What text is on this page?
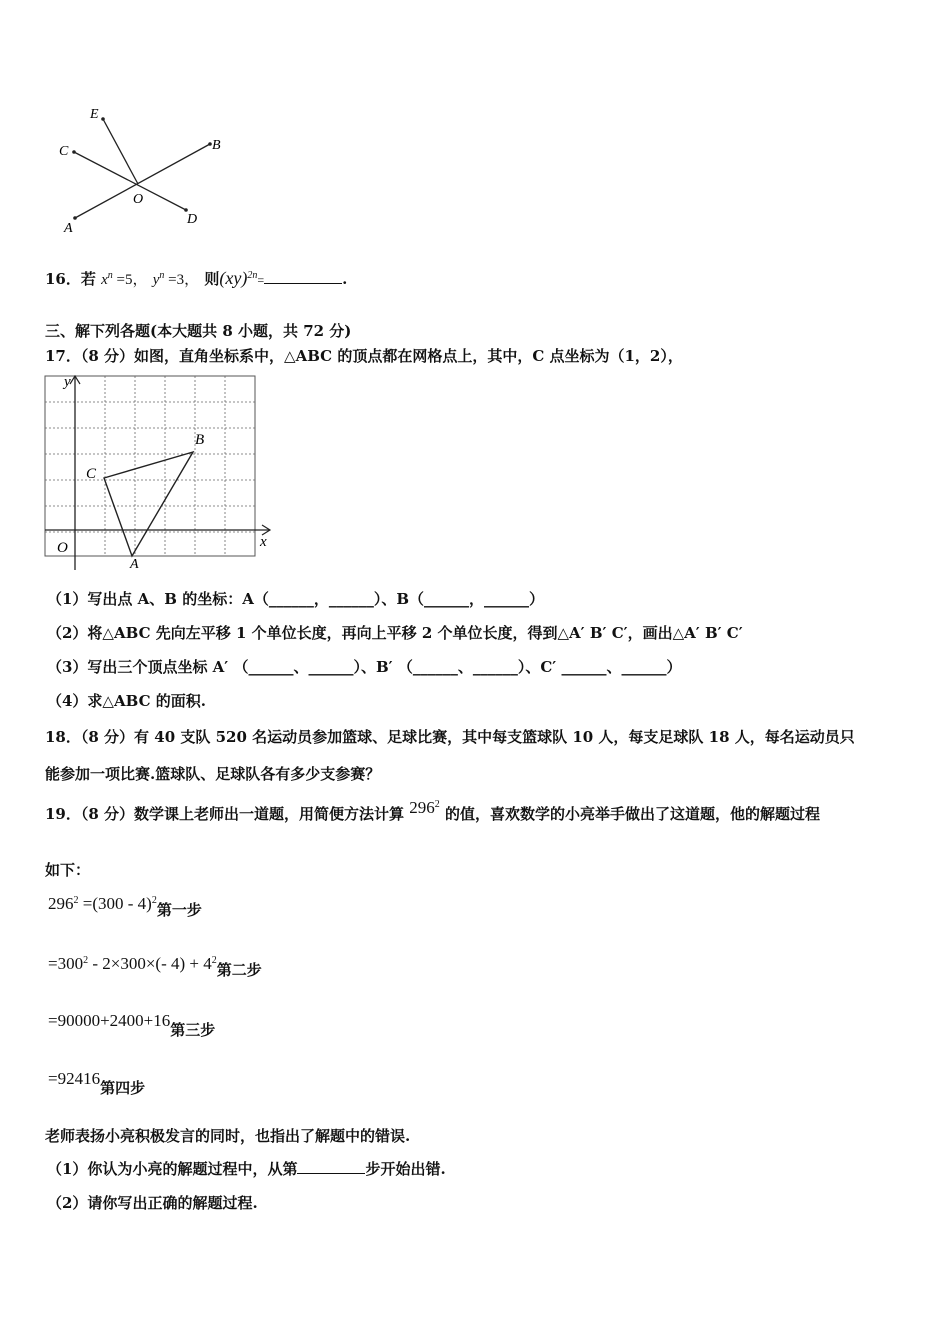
E
B
C
O
D
A
16．若 $x^n =5$， $y^n =3$， 则(xy)$^{2n}$=	.
三、解下列各题(本大题共 8 小题，共 72 分)
17．（8 分）如图，直角坐标系中，△ABC 的顶点都在网格点上，其中，C 点坐标为（1，2），
y
x
O
A
B
C
（1）写出点 A、B 的坐标：A（______，______）、B（______，______）
（2）将△ABC 先向左平移 1 个单位长度，再向上平移 2 个单位长度，得到△A′ B′ C′，画出△A′ B′ C′
（3）写出三个顶点坐标 A′ （______、______）、B′ （______、______）、C′ ______、______）
（4）求△ABC 的面积.
18．（8 分）有 40 支队 520 名运动员参加篮球、足球比赛，其中每支篮球队 10 人，每支足球队 18 人，每名运动员只
能参加一项比赛.篮球队、足球队各有多少支参赛？
19．（8 分）数学课上老师出一道题，用简便方法计算 $296^2$ 的值，喜欢数学的小亮举手做出了这道题，他的解题过程
如下：
$296^2 =(300 - 4)^2$第一步
$=300^2 - 2\times 300\times(-$ $4) + 4^2$第二步
=90000+2400+16第三步
=92416第四步
老师表扬小亮积极发言的同时，也指出了解题中的错误.
（1）你认为小亮的解题过程中，从第	步开始出错.
（2）请你写出正确的解题过程.
